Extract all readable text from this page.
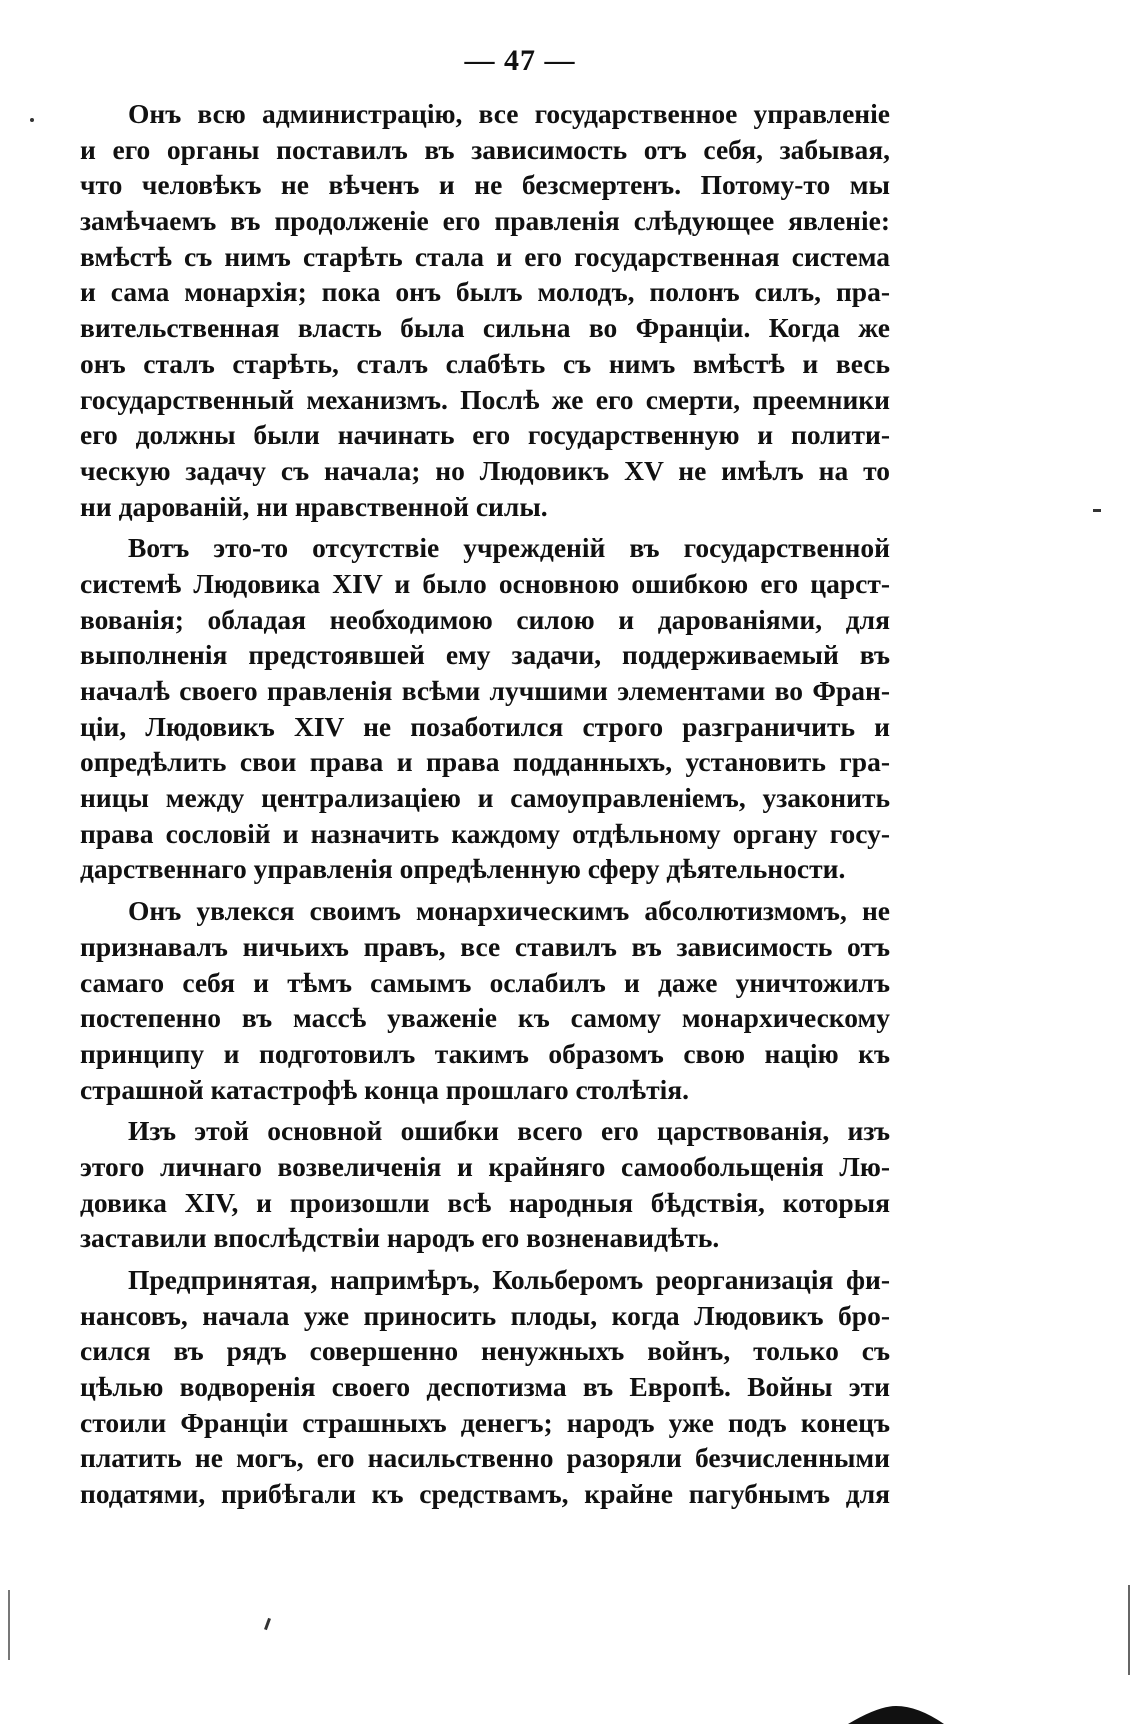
— 47 —
Онъ всю администрацію, все государственное управленіе
и его органы поставилъ въ зависимость отъ себя, забывая,
что человѣкъ не вѣченъ и не безсмертенъ. Потому-то мы
замѣчаемъ въ продолженіе его правленія слѣдующее явленіе:
вмѣстѣ съ нимъ старѣть стала и его государственная система
и сама монархія; пока онъ былъ молодъ, полонъ силъ, пра-
вительственная власть была сильна во Франціи. Когда же
онъ сталъ старѣть, сталъ слабѣть съ нимъ вмѣстѣ и весь
государственный механизмъ. Послѣ же его смерти, преемники
его должны были начинать его государственную и полити-
ческую задачу съ начала; но Людовикъ XV не имѣлъ на то
ни дарованій, ни нравственной силы.
Вотъ это-то отсутствіе учрежденій въ государственной
системѣ Людовика XIV и было основною ошибкою его царст-
вованія; обладая необходимою силою и дарованіями, для
выполненія предстоявшей ему задачи, поддерживаемый въ
началѣ своего правленія всѣми лучшими элементами во Фран-
ціи, Людовикъ XIV не позаботился строго разграничить и
опредѣлить свои права и права подданныхъ, установить гра-
ницы между централизаціею и самоуправленіемъ, узаконить
права сословій и назначить каждому отдѣльному органу госу-
дарственнаго управленія опредѣленную сферу дѣятельности.
Онъ увлекся своимъ монархическимъ абсолютизмомъ, не
признавалъ ничьихъ правъ, все ставилъ въ зависимость отъ
самаго себя и тѣмъ самымъ ослабилъ и даже уничтожилъ
постепенно въ массѣ уваженіе къ самому монархическому
принципу и подготовилъ такимъ образомъ свою націю къ
страшной катастрофѣ конца прошлаго столѣтія.
Изъ этой основной ошибки всего его царствованія, изъ
этого личнаго возвеличенія и крайняго самообольщенія Лю-
довика XIV, и произошли всѣ народныя бѣдствія, которыя
заставили впослѣдствіи народъ его возненавидѣть.
Предпринятая, напримѣръ, Кольберомъ реорганизація фи-
нансовъ, начала уже приносить плоды, когда Людовикъ бро-
сился въ рядъ совершенно ненужныхъ войнъ, только съ
цѣлью водворенія своего деспотизма въ Европѣ. Войны эти
стоили Франціи страшныхъ денегъ; народъ уже подъ конецъ
платить не могъ, его насильственно разоряли безчисленными
податями, прибѣгали къ средствамъ, крайне пагубнымъ для
